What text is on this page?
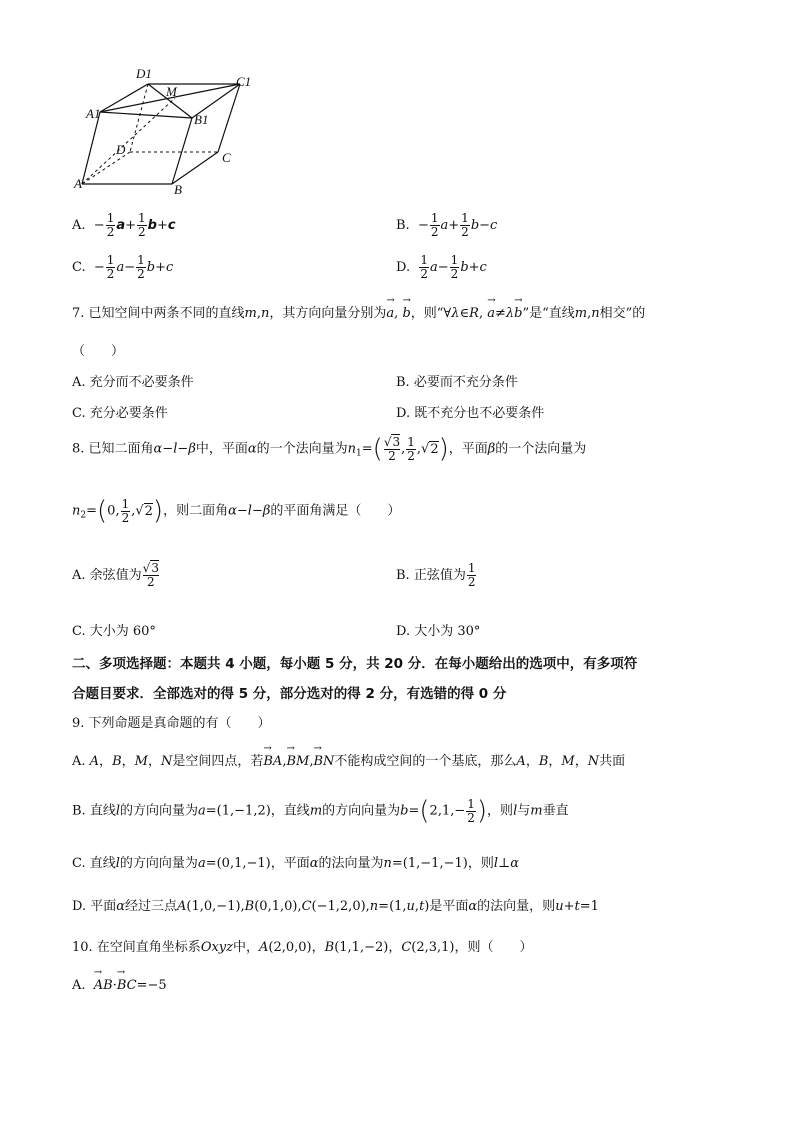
D1
M
C1
A1	B1
D
C
A	B
A.  − $\frac{1}{2} a+ \frac{1}{2} b+c$	B.  − $\frac{1}{2} a+ \frac{1}{2} b-c$
C.  − $\frac{1}{2} a- \frac{1}{2} b+c$	D. $\frac{1}{2} a- \frac{1}{2} b+c$
7. 已知空间中两条不同的直线m,n，其方向向量分别为→ a, → b，则“∀λ∈R, → a≠λ→ b”是“直线m,n相交”的
（　　）
A. 充分而不必要条件	B. 必要而不充分条件
C. 充分必要条件	D. 既不充分也不必要条件
8. 已知二面角α−l−β中，平面α的一个法向量为$n_1=( \frac{√3}{2}$ , $\frac{1}{2} ,√2$)，平面β的一个法向量为
$n_2=(0$, $\frac{1}{2} ,√2$)，则二面角α−l−β的平面角满足（　　）
A. 余弦值为 $\frac{√3}{2}$	B. 正弦值为 $\frac{1}{2}$
C. 大小为 60°	D. 大小为 30°
二、多项选择题：本题共 4 小题，每小题 5 分，共 20 分．在每小题给出的选项中，有多项符
合题目要求．全部选对的得 5 分，部分选对的得 2 分，有选错的得 0 分
9. 下列命题是真命题的有（　　）
A. A，B，M，N是空间四点，若→ BA,→ BM,→ BN不能构成空间的一个基底，那么A，B，M，N共面
B. 直线l的方向向量为a=(1,−1,2)，直线m的方向向量为$b=(2,1,- \frac{1}{2}$ )，则l与m垂直
C. 直线l的方向向量为a=(0,1,−1)，平面α的法向量为n=(1,−1,−1)，则l⊥α
D. 平面α经过三点A(1,0,−1),B(0,1,0),C(−1,2,0),n=(1,u,t)是平面α的法向量，则u+t=1
10. 在空间直角坐标系Oxyz中，A(2,0,0)，B(1,1,−2)，C(2,3,1)，则（　　）
A.  → AB·→ BC=−5
